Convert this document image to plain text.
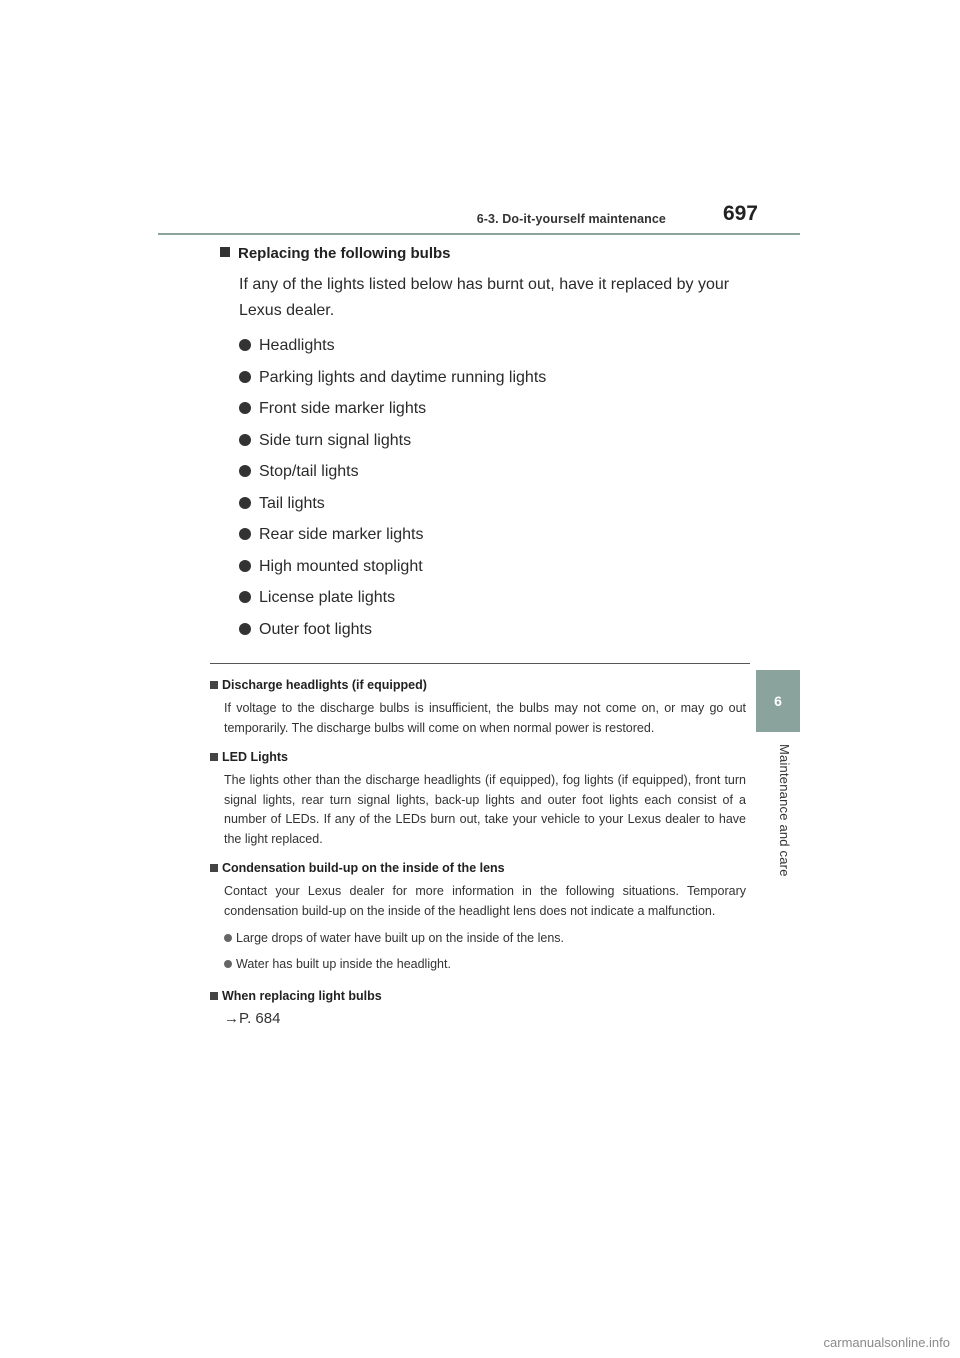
6-3. Do-it-yourself maintenance	697
6
Maintenance and care

Replacing the following bulbs

If any of the lights listed below has burnt out, have it replaced by your Lexus dealer.

Headlights
Parking lights and daytime running lights
Front side marker lights
Side turn signal lights
Stop/tail lights
Tail lights
Rear side marker lights
High mounted stoplight
License plate lights
Outer foot lights

Discharge headlights (if equipped)

If voltage to the discharge bulbs is insufficient, the bulbs may not come on, or may go out temporarily. The discharge bulbs will come on when normal power is restored.

LED Lights

The lights other than the discharge headlights (if equipped), fog lights (if equipped), front turn signal lights, rear turn signal lights, back-up lights and outer foot lights each consist of a number of LEDs. If any of the LEDs burn out, take your vehicle to your Lexus dealer to have the light replaced.

Condensation build-up on the inside of the lens

Contact your Lexus dealer for more information in the following situations. Temporary condensation build-up on the inside of the headlight lens does not indicate a malfunction.

Large drops of water have built up on the inside of the lens.
Water has built up inside the headlight.

When replacing light bulbs

→P. 684

carmanualsonline.info
